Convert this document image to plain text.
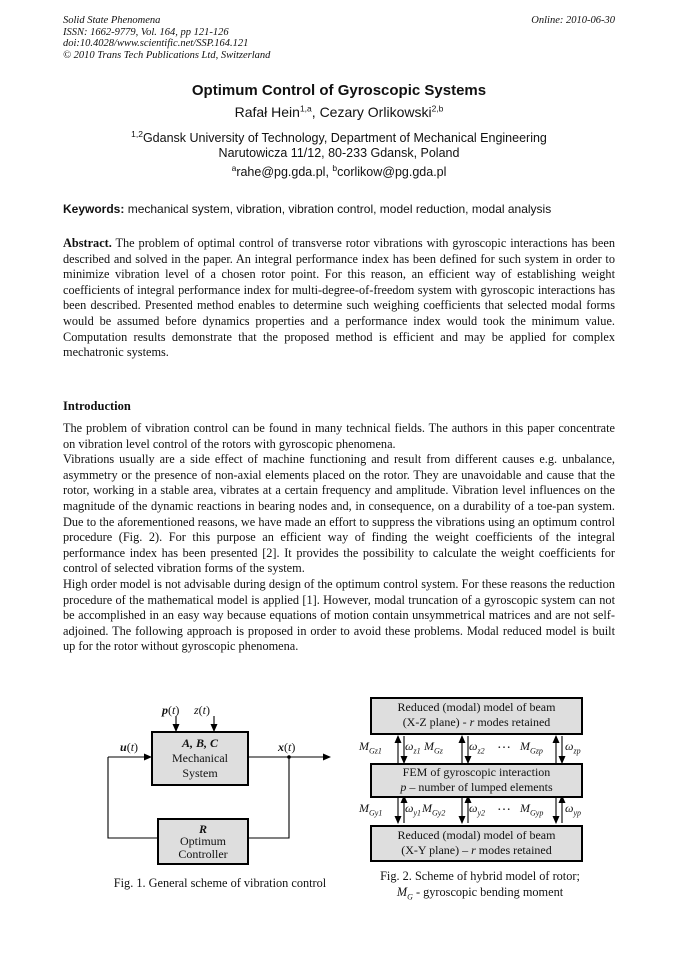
Solid State Phenomena
ISSN: 1662-9779, Vol. 164, pp 121-126
doi:10.4028/www.scientific.net/SSP.164.121
© 2010 Trans Tech Publications Ltd, Switzerland
Online: 2010-06-30
Optimum Control of Gyroscopic Systems
Rafał Hein$^{1,a}$, Cezary Orlikowski$^{2,b}$
$^{1,2}$Gdansk University of Technology, Department of Mechanical Engineering
Narutowicza 11/12, 80-233 Gdansk, Poland
$^a$rahe@pg.gda.pl, $^b$corlikow@pg.gda.pl
Keywords: mechanical system, vibration, vibration control, model reduction, modal analysis
Abstract. The problem of optimal control of transverse rotor vibrations with gyroscopic interactions has been described and solved in the paper. An integral performance index has been defined for such system in order to minimize vibration level of a chosen rotor point. For this reason, an efficient way of establishing weight coefficients of integral performance index for multi-degree-of-freedom system with gyroscopic interactions has been described. Presented method enables to determine such weighing coefficients that selected modal forms would be assumed before dynamics properties and a performance index would took the minimum value. Computation results demonstrate that the proposed method is efficient and may be applied for complex mechatronic systems.
Introduction

The problem of vibration control can be found in many technical fields. The authors in this paper concentrate on vibration level control of the rotors with gyroscopic phenomena.

Vibrations usually are a side effect of machine functioning and result from different causes e.g. unbalance, asymmetry or the presence of non-axial elements placed on the rotor. They are unavoidable and cause that the rotor, working in a stable area, vibrates at a certain frequency and amplitude. Vibration level influences on the magnitude of the dynamic reactions in bearing nodes and, in consequence, on a durability of a toe-pan system. Due to the aforementioned reasons, we have made an effort to suppress the vibrations using an optimum control procedure (Fig. 2). For this purpose an efficient way of finding the weight coefficients of the integral performance index has been presented [2]. It provides the possibility to calculate the weight coefficients for control of selected vibration forms of the system.

High order model is not advisable during design of the optimum control system. For these reasons the reduction procedure of the mathematical model is applied [1]. However, modal truncation of a gyroscopic system can not be accomplished in an easy way because equations of motion contain unsymmetrical matrices and are not self-adjoined. The following approach is proposed in order to avoid these problems. Modal reduced model is built up for the rotor without gyroscopic phenomena.

p(t) z(t)
u(t)	x(t)
A, B, C
Mechanical
System
R
Optimum
Controller
Fig. 1. General scheme of vibration control
Reduced (modal) model of beam
(X-Z plane) - r modes retained
FEM of gyroscopic interaction
p – number of lumped elements
Reduced (modal) model of beam
(X-Y plane) – r modes retained
$M_{Gz1}$ $\omega_{z1}$ $M_{Gz}$ $\omega_{z2}$ … $M_{Gzp}$ $\omega_{zp}$
$M_{Gy1}$ $\omega_{y1}$ $M_{Gy2}$ $\omega_{y2}$ … $M_{Gyp}$ $\omega_{yp}$
Fig. 2. Scheme of hybrid model of rotor;
$M_G$ - gyroscopic bending moment
